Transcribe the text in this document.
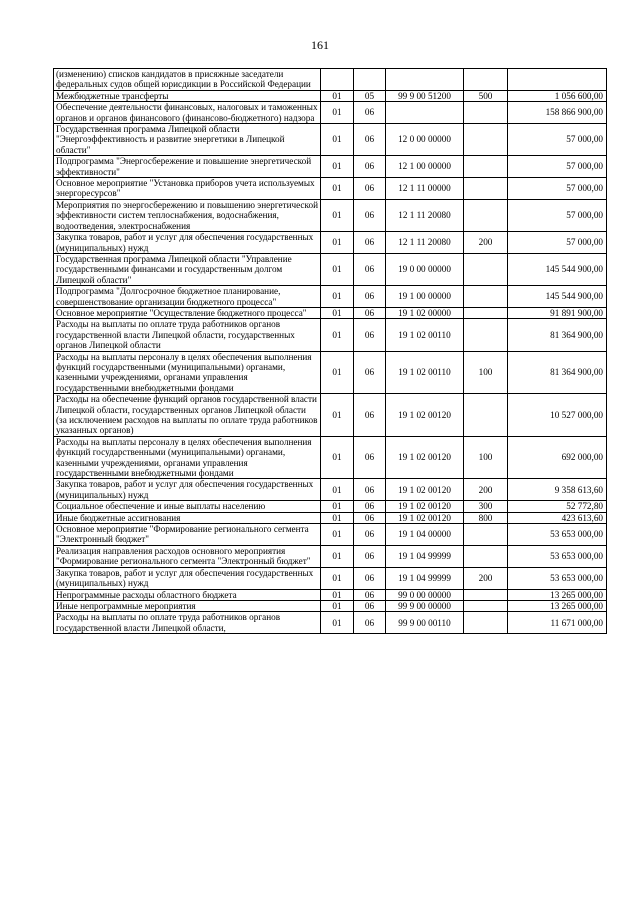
161
(изменению) списков кандидатов в присяжные заседатели федеральных судов общей юрисдикции в Российской Федерации					
Межбюджетные трансферты	01	05	99 9 00 51200	500	1 056 600,00
Обеспечение деятельности финансовых, налоговых и таможенных органов и органов финансового (финансово-бюджетного) надзора	01	06			158 866 900,00
Государственная программа Липецкой области "Энергоэффективность и развитие энергетики в Липецкой области"	01	06	12 0 00 00000		57 000,00
Подпрограмма "Энергосбережение и повышение энергетической эффективности"	01	06	12 1 00 00000		57 000,00
Основное мероприятие "Установка приборов учета используемых энергоресурсов"	01	06	12 1 11 00000		57 000,00
Мероприятия по энергосбережению и повышению энергетической эффективности систем теплоснабжения, водоснабжения, водоотведения, электроснабжения	01	06	12 1 11 20080		57 000,00
Закупка товаров, работ и услуг для обеспечения государственных (муниципальных) нужд	01	06	12 1 11 20080	200	57 000,00
Государственная программа Липецкой области "Управление государственными финансами и государственным долгом Липецкой области"	01	06	19 0 00 00000		145 544 900,00
Подпрограмма "Долгосрочное бюджетное планирование, совершенствование организации бюджетного процесса"	01	06	19 1 00 00000		145 544 900,00
Основное мероприятие "Осуществление бюджетного процесса"	01	06	19 1 02 00000		91 891 900,00
Расходы на выплаты по оплате труда работников органов государственной власти Липецкой области, государственных органов Липецкой области	01	06	19 1 02 00110		81 364 900,00
Расходы на выплаты персоналу в целях обеспечения выполнения функций государственными (муниципальными) органами, казенными учреждениями, органами управления государственными внебюджетными фондами	01	06	19 1 02 00110	100	81 364 900,00
Расходы на обеспечение функций органов государственной власти Липецкой области, государственных органов Липецкой области (за исключением расходов на выплаты по оплате труда работников указанных органов)	01	06	19 1 02 00120		10 527 000,00
Расходы на выплаты персоналу в целях обеспечения выполнения функций государственными (муниципальными) органами, казенными учреждениями, органами управления государственными внебюджетными фондами	01	06	19 1 02 00120	100	692 000,00
Закупка товаров, работ и услуг для обеспечения государственных (муниципальных) нужд	01	06	19 1 02 00120	200	9 358 613,60
Социальное обеспечение и иные выплаты населению	01	06	19 1 02 00120	300	52 772,80
Иные бюджетные ассигнования	01	06	19 1 02 00120	800	423 613,60
Основное мероприятие "Формирование регионального сегмента "Электронный бюджет"	01	06	19 1 04 00000		53 653 000,00
Реализация направления расходов основного мероприятия "Формирование регионального сегмента "Электронный бюджет"	01	06	19 1 04 99999		53 653 000,00
Закупка товаров, работ и услуг для обеспечения государственных (муниципальных) нужд	01	06	19 1 04 99999	200	53 653 000,00
Непрограммные расходы областного бюджета	01	06	99 0 00 00000		13 265 000,00
Иные непрограммные мероприятия	01	06	99 9 00 00000		13 265 000,00
Расходы на выплаты по оплате труда работников органов государственной власти Липецкой области,	01	06	99 9 00 00110		11 671 000,00
